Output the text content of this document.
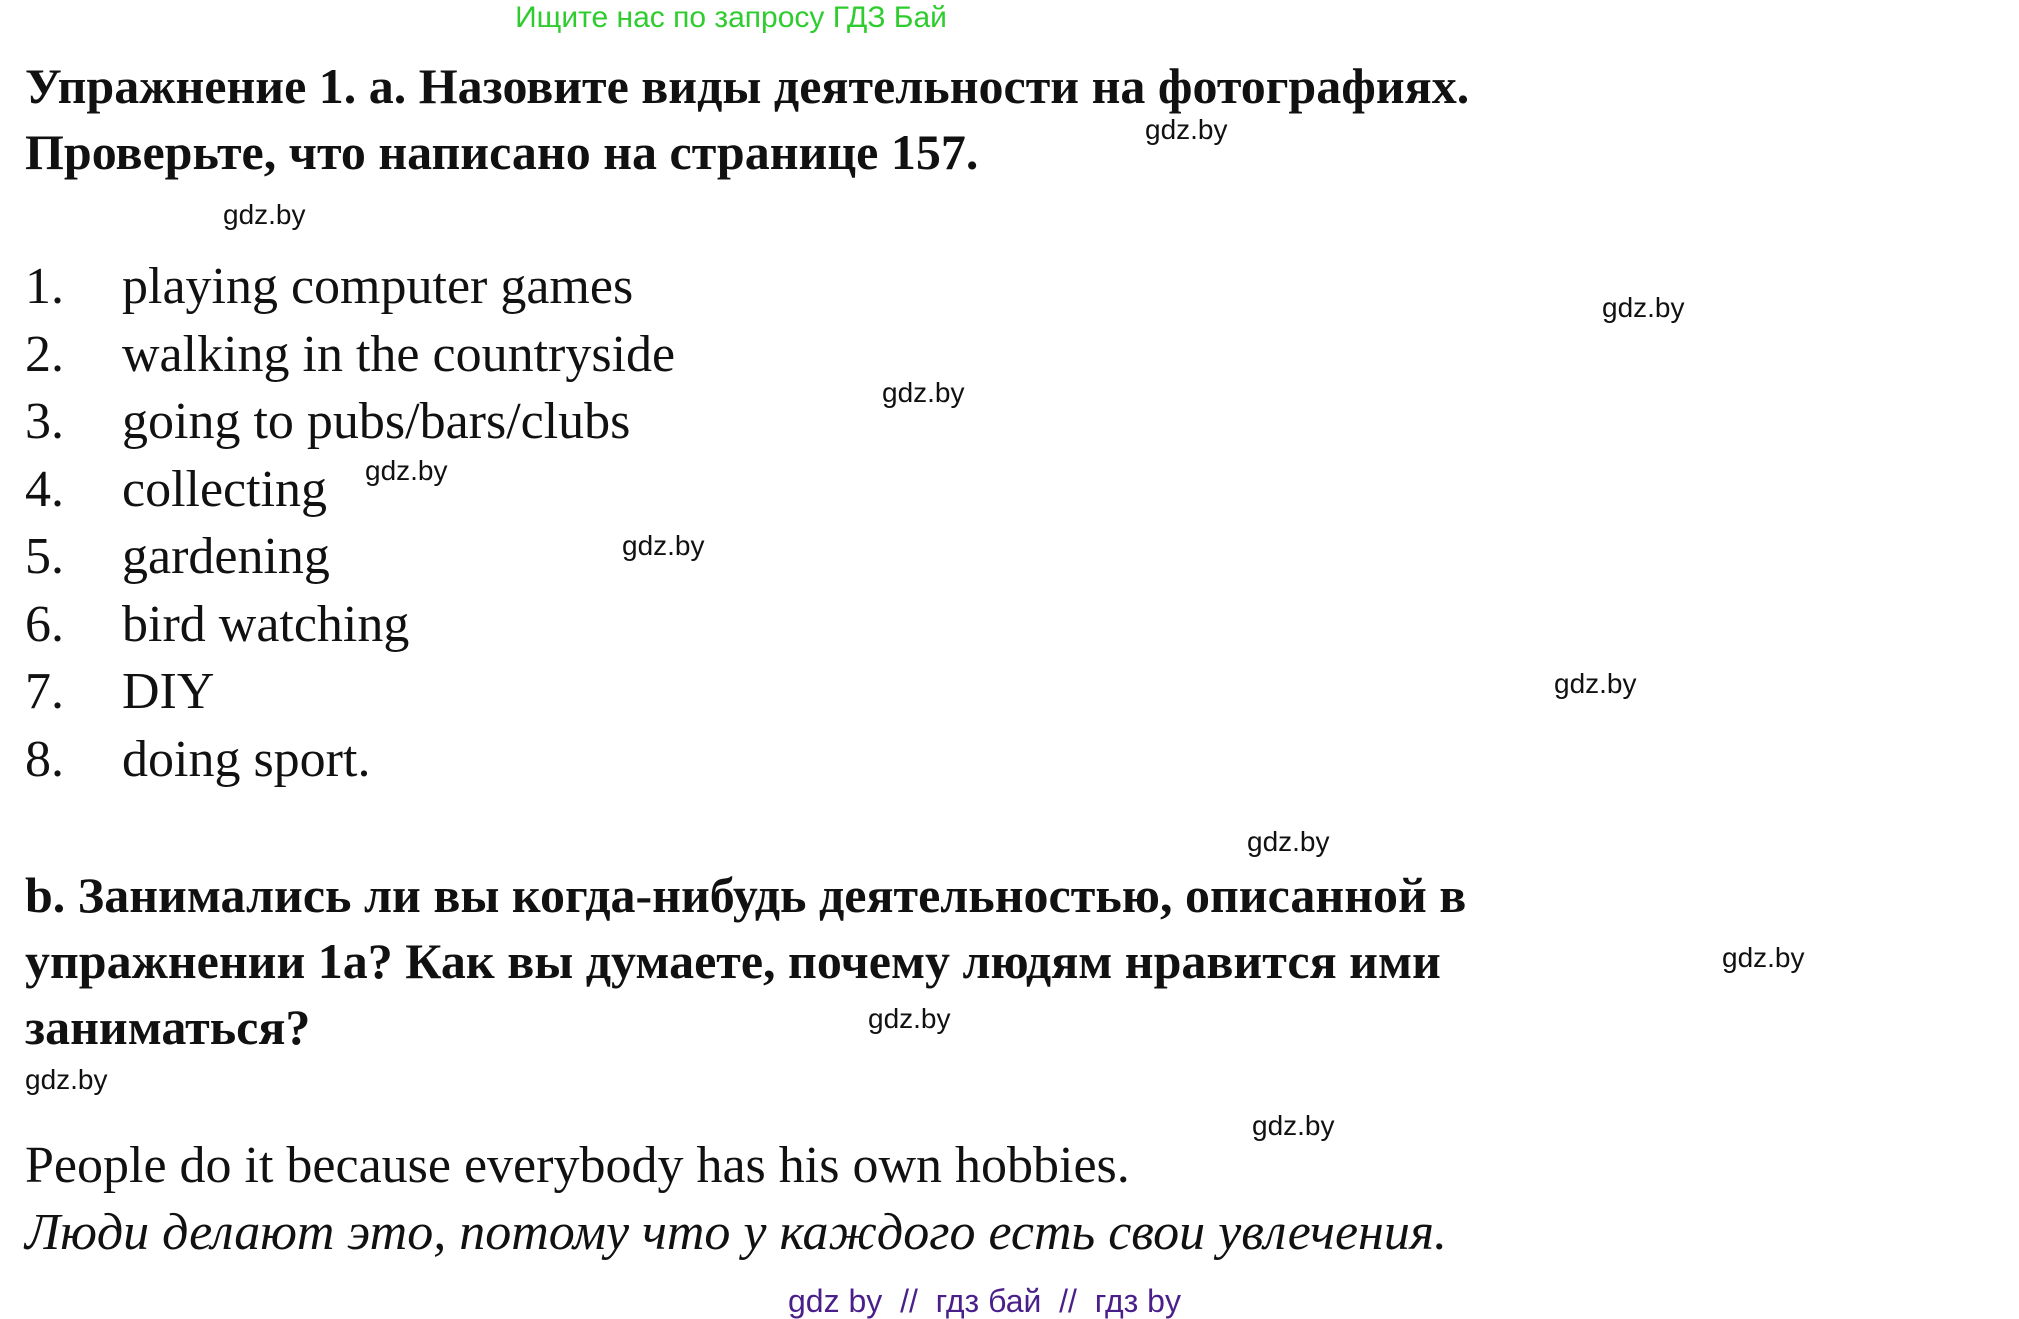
Ищите нас по запросу ГДЗ Бай
Упражнение 1. a. Назовите виды деятельности на фотографиях.
Проверьте, что написано на странице 157.
1.	playing computer games
2.	walking in the countryside
3.	going to pubs/bars/clubs
4.	collecting
5.	gardening
6.	bird watching
7.	DIY
8.	doing sport.
b. Занимались ли вы когда-нибудь деятельностью, описанной в
упражнении 1a? Как вы думаете, почему людям нравится ими
заниматься?

People do it because everybody has his own hobbies.

Люди делают это, потому что у каждого есть свои увлечения.

gdz.by
gdz.by
gdz.by
gdz.by
gdz.by
gdz.by
gdz.by
gdz.by
gdz.by
gdz.by
gdz.by
gdz.by
gdz by  //  гдз бай  //  гдз by
